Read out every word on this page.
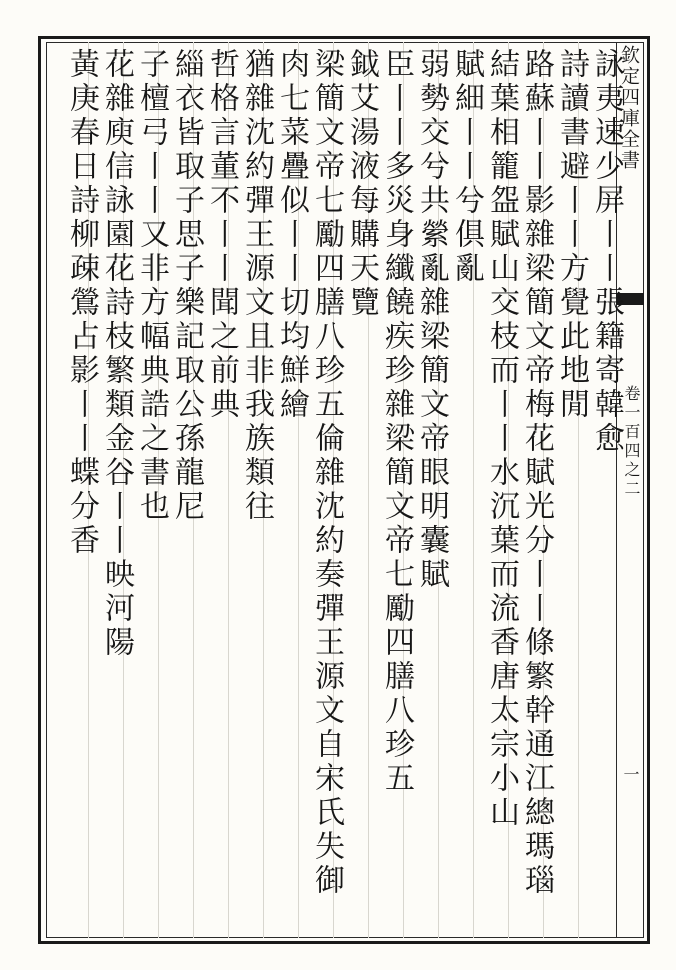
欽定四庫全書
卷一百四之二
一
詠夷速少屏丨丨張籍寄韓愈
詩讀書避丨丨方覺此地閒
路蘇丨丨影雜梁簡文帝梅花賦光分丨丨條繁幹通江總瑪瑙
結葉相籠盌賦山交枝而丨丨水沉葉而流香唐太宗小山
賦細丨丨兮俱亂
弱勢交兮共縈亂雜梁簡文帝眼明囊賦
臣丨丨多災身纖饒疾珍雜梁簡文帝七勵四膳八珍五
鉞艾湯液每購天覽
梁簡文帝七勵四膳八珍五倫雜沈約奏彈王源文自宋氏失御
肉七菜疊似丨丨切均鮮繪
猶雜沈約彈王源文且非我族類往
哲格言董不丨丨聞之前典
緇衣皆取子思子樂記取公孫龍尼
子檀弓丨丨又非方幅典誥之書也
花雜庾信詠園花詩枝繁類金谷丨丨映河陽
黃庚春日詩柳疎鶯占影丨丨蝶分香
